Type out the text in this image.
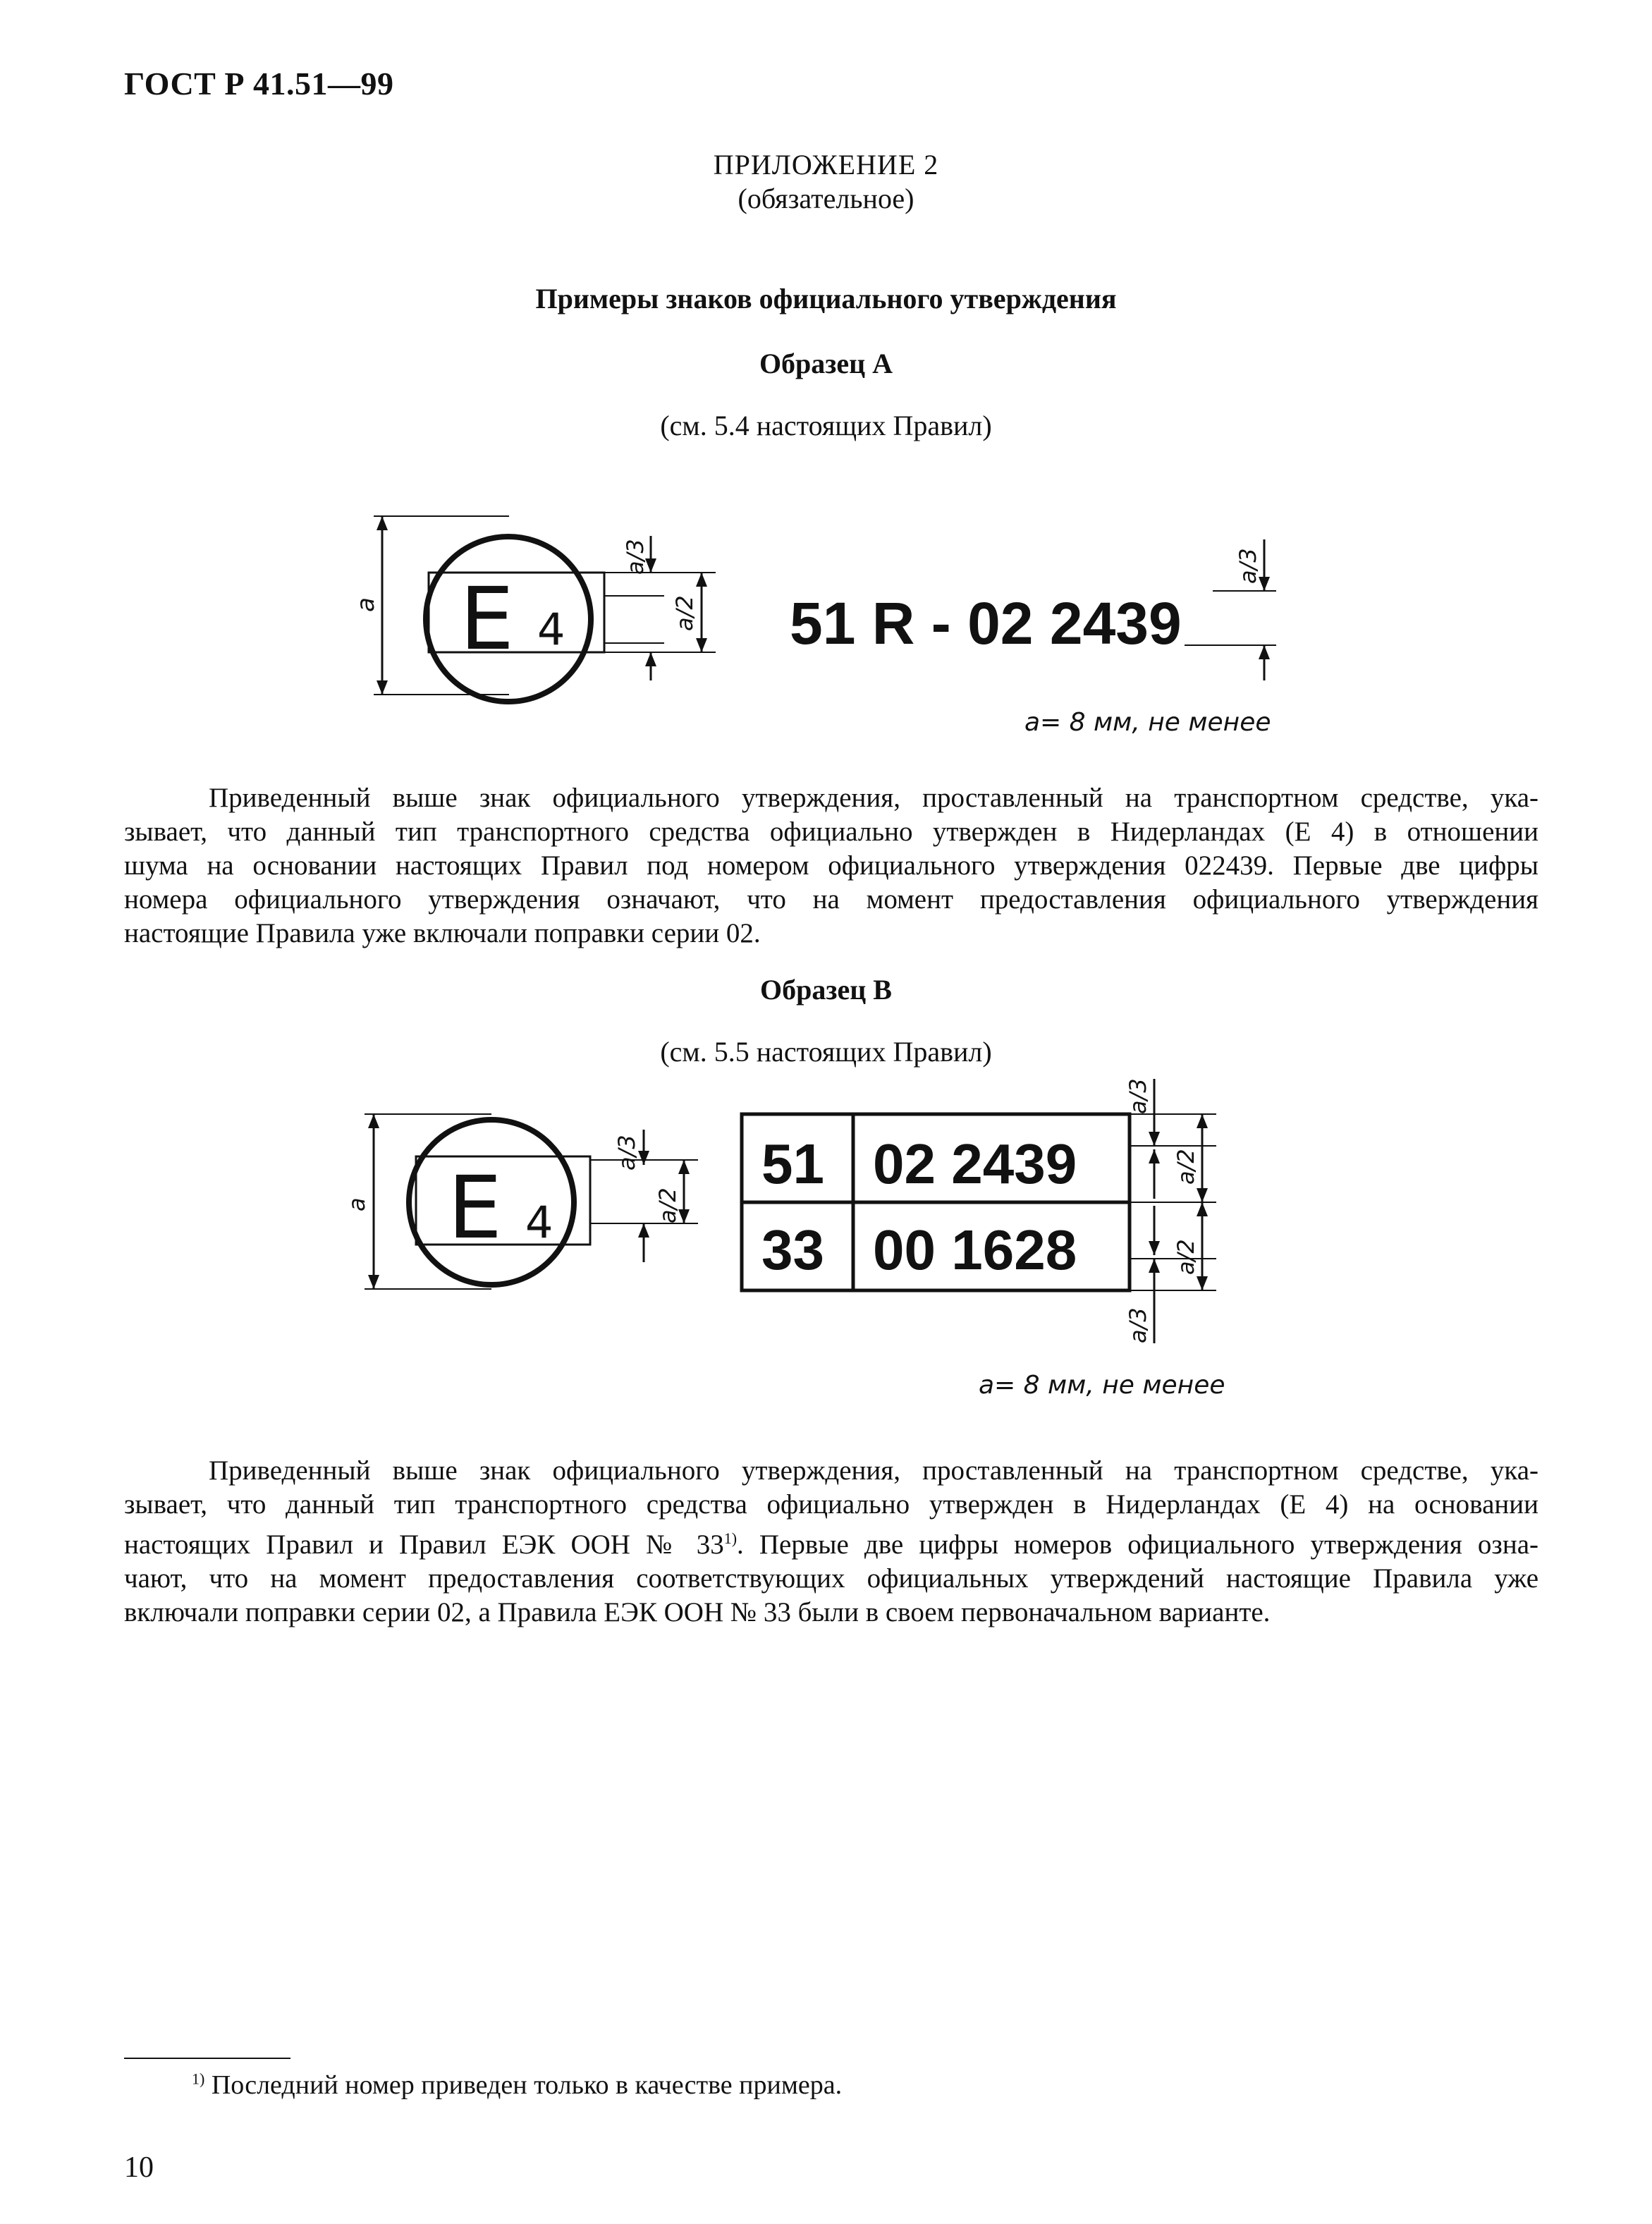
ГОСТ Р 41.51—99
ПРИЛОЖЕНИЕ 2
(обязательное)
Примеры знаков официального утверждения
Образец А
(см. 5.4 настоящих Правил)
E 4	51 R - 02 2439
a
a/3
a/2
a/3
a= 8 мм, не менее
Приведенный выше знак официального утверждения, проставленный на транспортном средстве, ука-
зывает, что данный тип транспортного средства официально утвержден в Нидерландах (Е 4) в отношении
шума на основании настоящих Правил под номером официального утверждения 022439. Первые две цифры
номера официального утверждения означают, что на момент предоставления официального утверждения
настоящие Правила уже включали поправки серии 02.
Образец В
(см. 5.5 настоящих Правил)
E 4
51 02 2439
33 00 1628
a
a/3
a/2
a/3
a/2
a/2
a/3
a= 8 мм, не менее
Приведенный выше знак официального утверждения, проставленный на транспортном средстве, ука-
зывает, что данный тип транспортного средства официально утвержден в Нидерландах (Е 4) на основании
настоящих Правил и Правил ЕЭК ООН № 33$^{1)}$. Первые две цифры номеров официального утверждения озна-
чают, что на момент предоставления соответствующих официальных утверждений настоящие Правила уже
включали поправки серии 02, а Правила ЕЭК ООН № 33 были в своем первоначальном варианте.
$^{1)}$ Последний номер приведен только в качестве примера.
10
